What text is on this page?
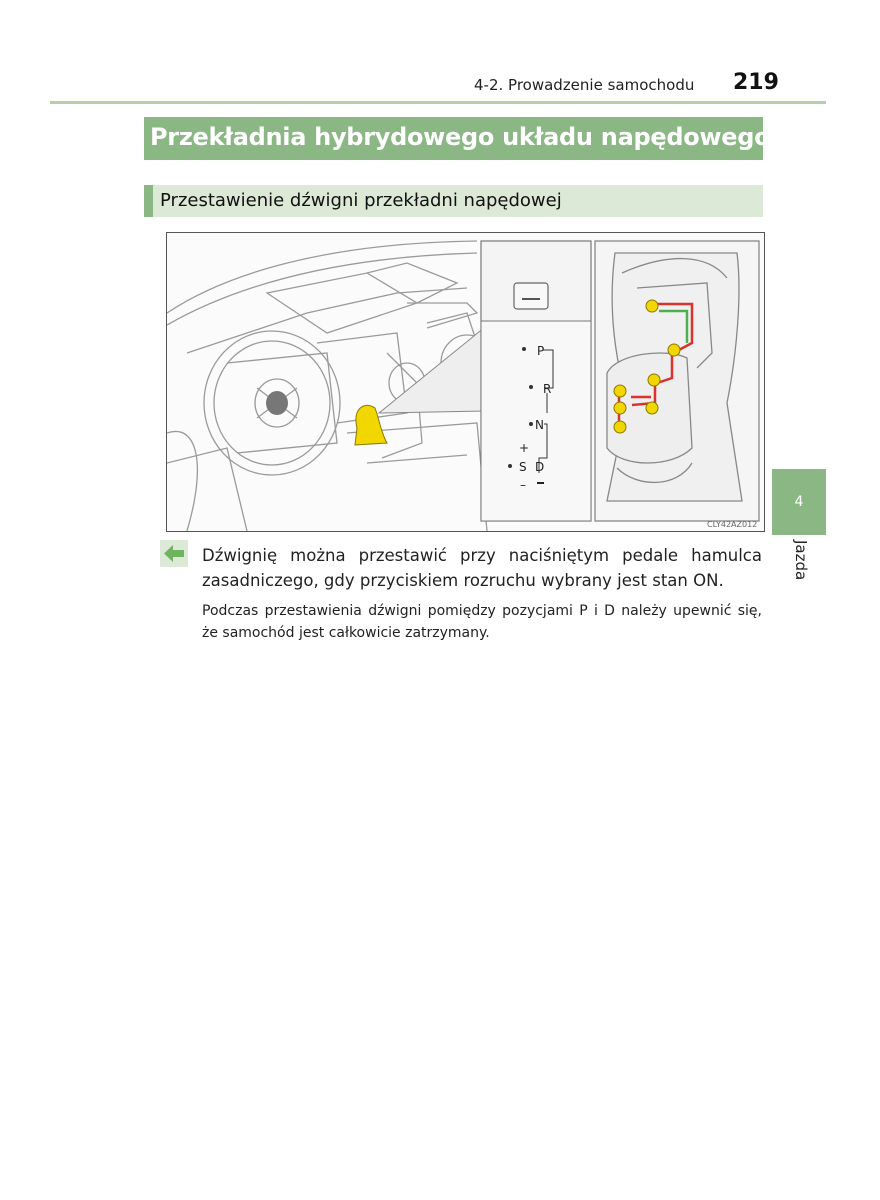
4-2. Prowadzenie samochodu 219
Przekładnia hybrydowego układu napędowego
Przestawienie dźwigni przekładni napędowej
P
R
N
+
S D
–
CLY42AZ012
Dźwignię można przestawić przy naciśniętym pedale hamulca zasadniczego, gdy przyciskiem rozruchu wybrany jest stan ON.
Podczas przestawienia dźwigni pomiędzy pozycjami P i D należy upewnić się, że samochód jest całkowicie zatrzymany.
4
Jazda
